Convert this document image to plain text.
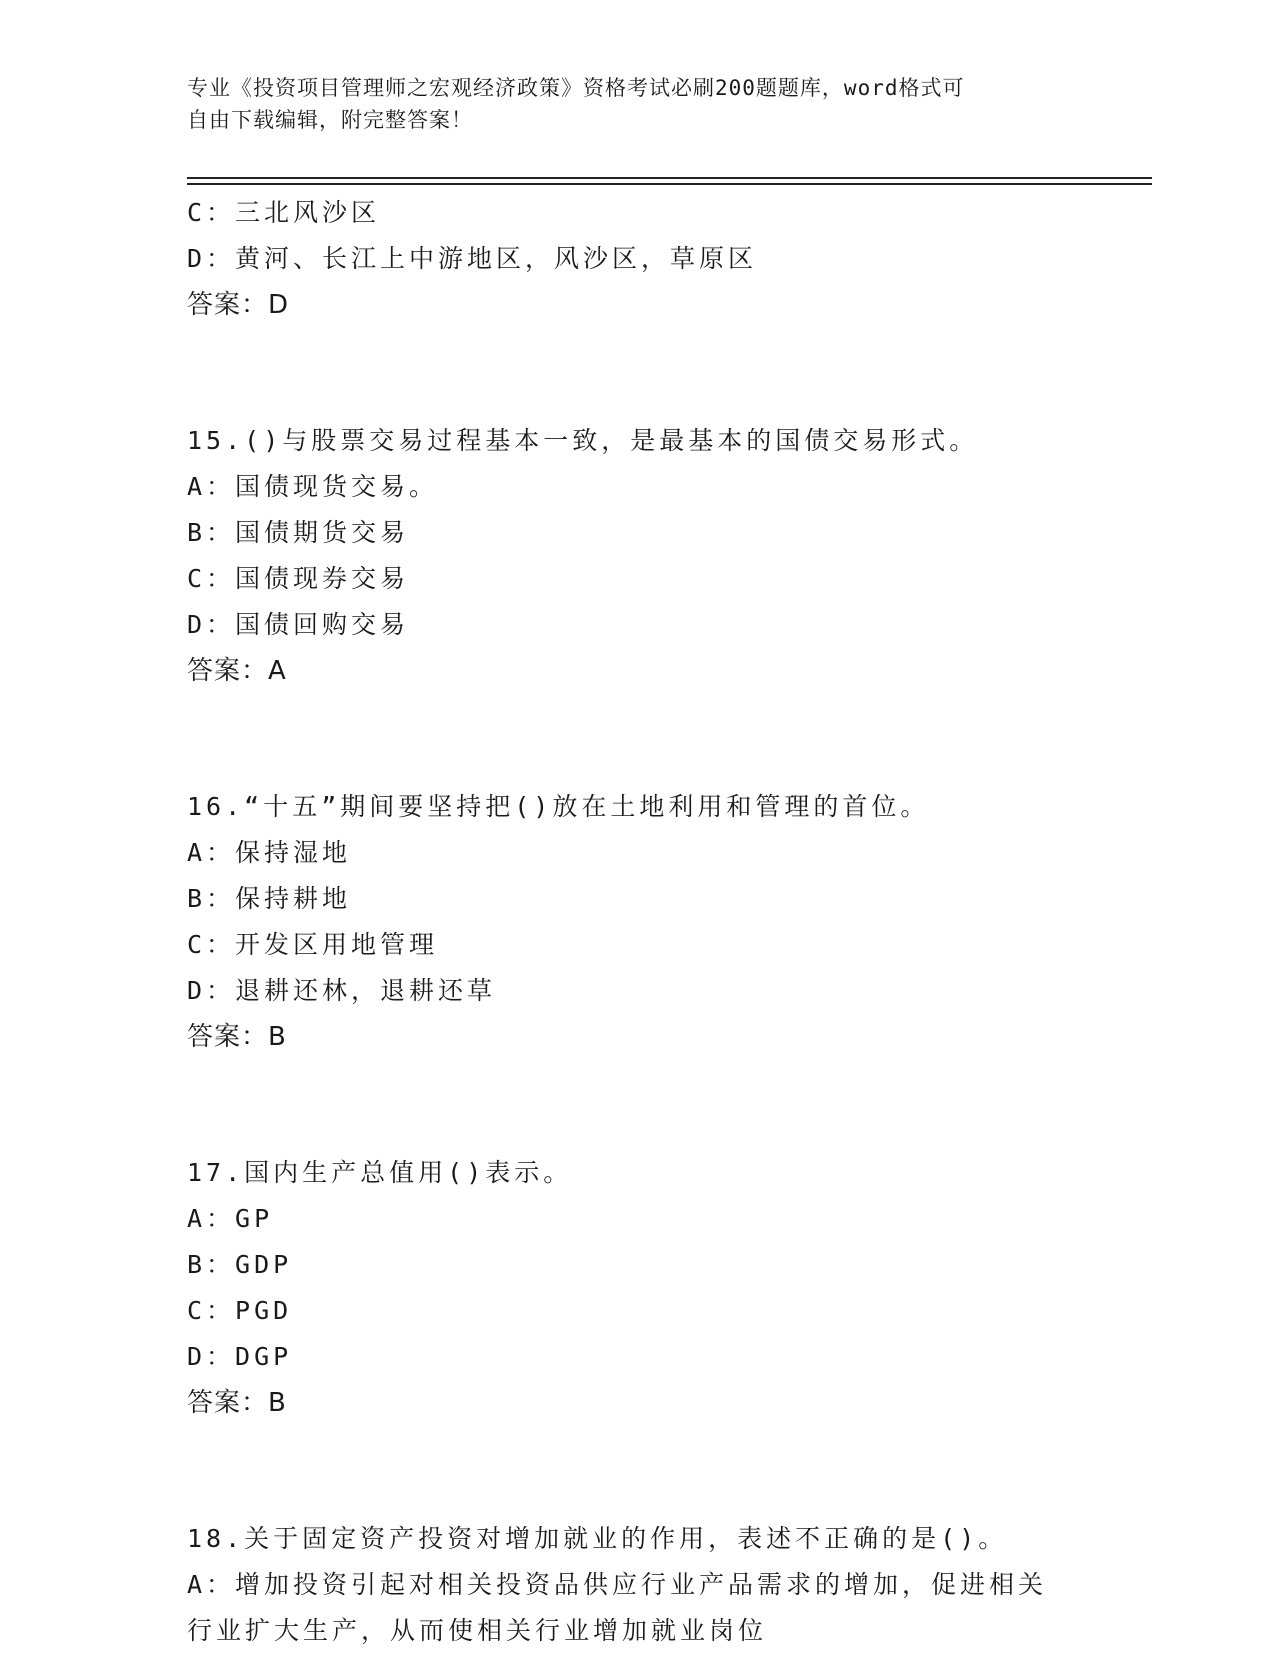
专业《投资项目管理师之宏观经济政策》资格考试必刷200题题库，word格式可
自由下载编辑，附完整答案！
C：三北风沙区
D：黄河、长江上中游地区，风沙区，草原区
答案：D
15.()与股票交易过程基本一致，是最基本的国债交易形式。
A：国债现货交易。
B：国债期货交易
C：国债现券交易
D：国债回购交易
答案：A
16.“十五”期间要坚持把()放在土地利用和管理的首位。
A：保持湿地
B：保持耕地
C：开发区用地管理
D：退耕还林，退耕还草
答案：B
17.国内生产总值用()表示。
A：GP
B：GDP
C：PGD
D：DGP
答案：B
18.关于固定资产投资对增加就业的作用，表述不正确的是()。
A：增加投资引起对相关投资品供应行业产品需求的增加，促进相关行业扩大生产，从而使相关行业增加就业岗位
